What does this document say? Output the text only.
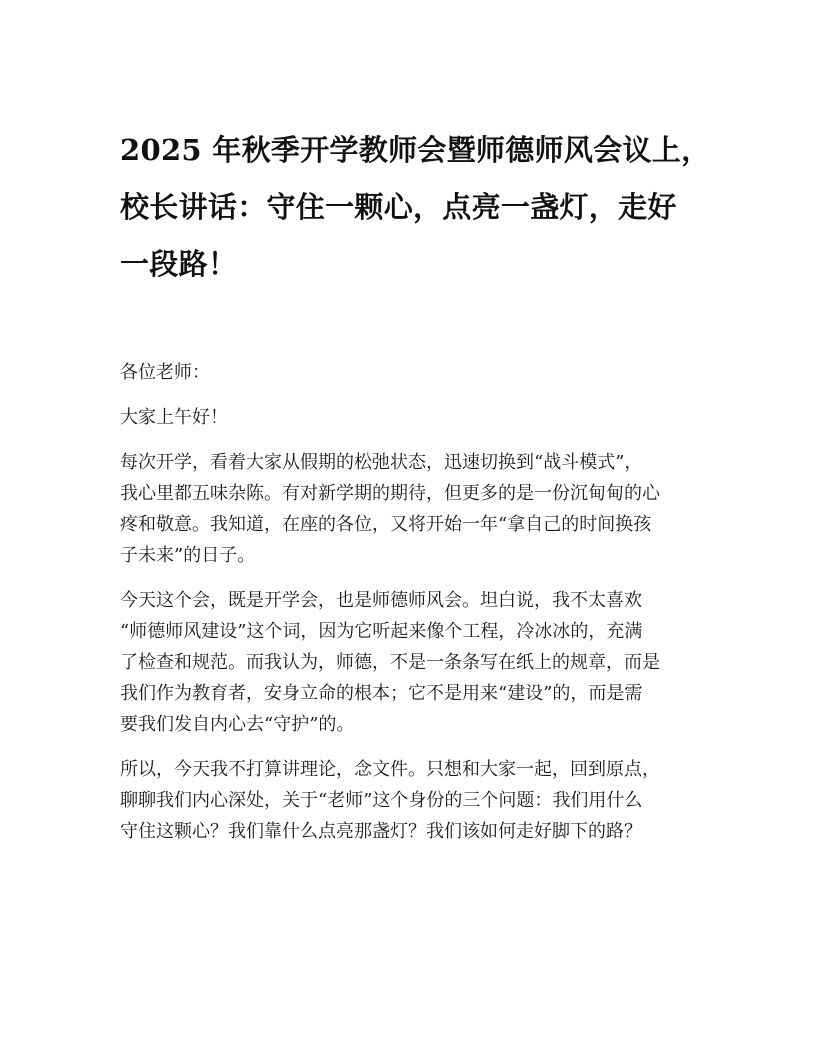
2025 年秋季开学教师会暨师德师风会议上，
校长讲话：守住一颗心，点亮一盏灯，走好
一段路！

各位老师：

大家上午好！

每次开学，看着大家从假期的松弛状态，迅速切换到“战斗模式”，
我心里都五味杂陈。有对新学期的期待，但更多的是一份沉甸甸的心
疼和敬意。我知道，在座的各位，又将开始一年“拿自己的时间换孩
子未来”的日子。

今天这个会，既是开学会，也是师德师风会。坦白说，我不太喜欢
“师德师风建设”这个词，因为它听起来像个工程，冷冰冰的，充满
了检查和规范。而我认为，师德，不是一条条写在纸上的规章，而是
我们作为教育者，安身立命的根本；它不是用来“建设”的，而是需
要我们发自内心去“守护”的。

所以，今天我不打算讲理论，念文件。只想和大家一起，回到原点，
聊聊我们内心深处，关于“老师”这个身份的三个问题：我们用什么
守住这颗心？我们靠什么点亮那盏灯？我们该如何走好脚下的路？
